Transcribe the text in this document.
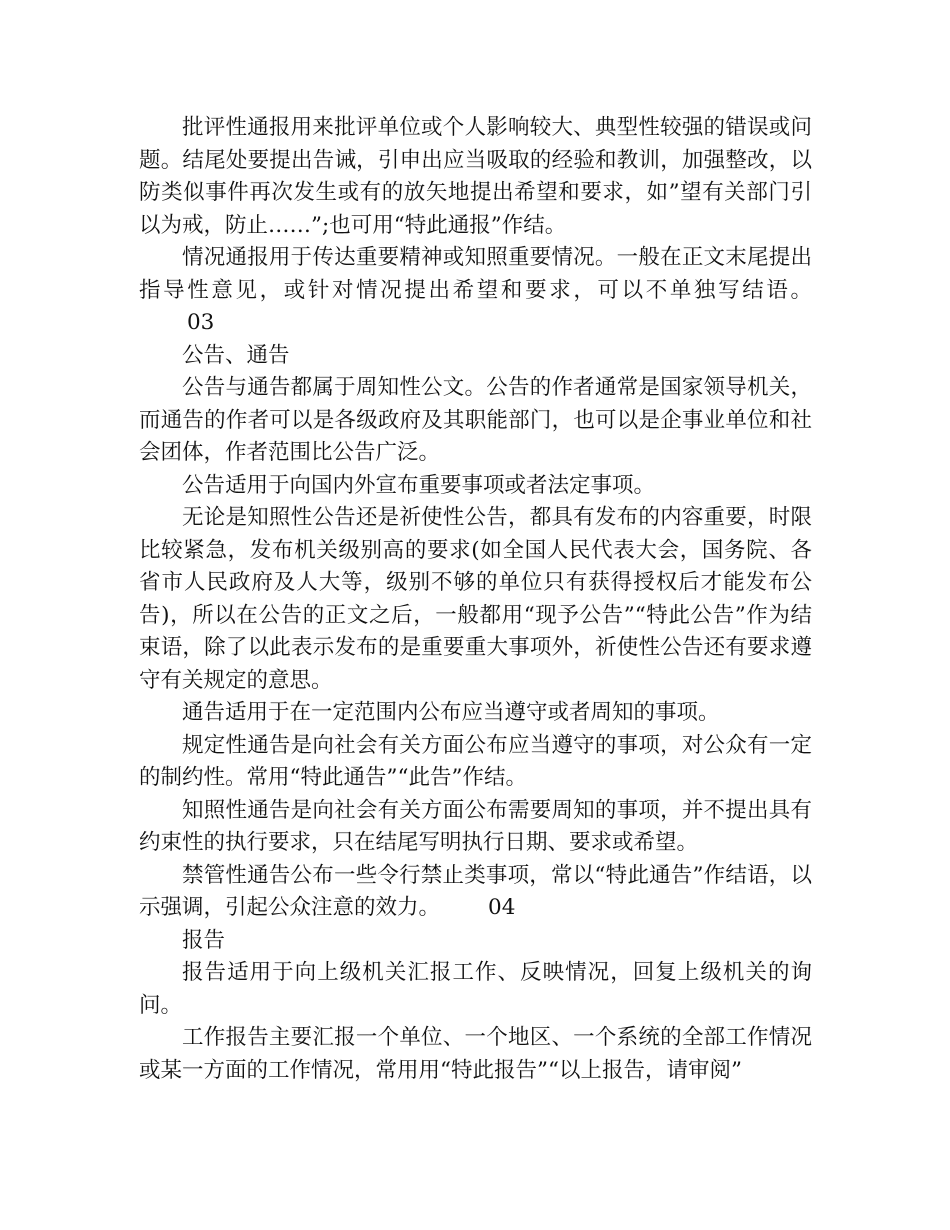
批评性通报用来批评单位或个人影响较大、典型性较强的错误或问题。结尾处要提出告诫，引申出应当吸取的经验和教训，加强整改，以防类似事件再次发生或有的放矢地提出希望和要求，如”望有关部门引以为戒，防止……”;也可用“特此通报”作结。

情况通报用于传达重要精神或知照重要情况。一般在正文末尾提出指导性意见，或针对情况提出希望和要求，可以不单独写结语。03

公告、通告

公告与通告都属于周知性公文。公告的作者通常是国家领导机关，而通告的作者可以是各级政府及其职能部门，也可以是企事业单位和社会团体，作者范围比公告广泛。

公告适用于向国内外宣布重要事项或者法定事项。

无论是知照性公告还是祈使性公告，都具有发布的内容重要，时限比较紧急，发布机关级别高的要求(如全国人民代表大会，国务院、各省市人民政府及人大等，级别不够的单位只有获得授权后才能发布公告)，所以在公告的正文之后，一般都用“现予公告”“特此公告”作为结束语，除了以此表示发布的是重要重大事项外，祈使性公告还有要求遵守有关规定的意思。

通告适用于在一定范围内公布应当遵守或者周知的事项。

规定性通告是向社会有关方面公布应当遵守的事项，对公众有一定的制约性。常用“特此通告”“此告”作结。

知照性通告是向社会有关方面公布需要周知的事项，并不提出具有约束性的执行要求，只在结尾写明执行日期、要求或希望。

禁管性通告公布一些令行禁止类事项，常以“特此通告”作结语，以示强调，引起公众注意的效力。 04

报告

报告适用于向上级机关汇报工作、反映情况，回复上级机关的询问。

工作报告主要汇报一个单位、一个地区、一个系统的全部工作情况或某一方面的工作情况，常用用“特此报告”“以上报告，请审阅”
